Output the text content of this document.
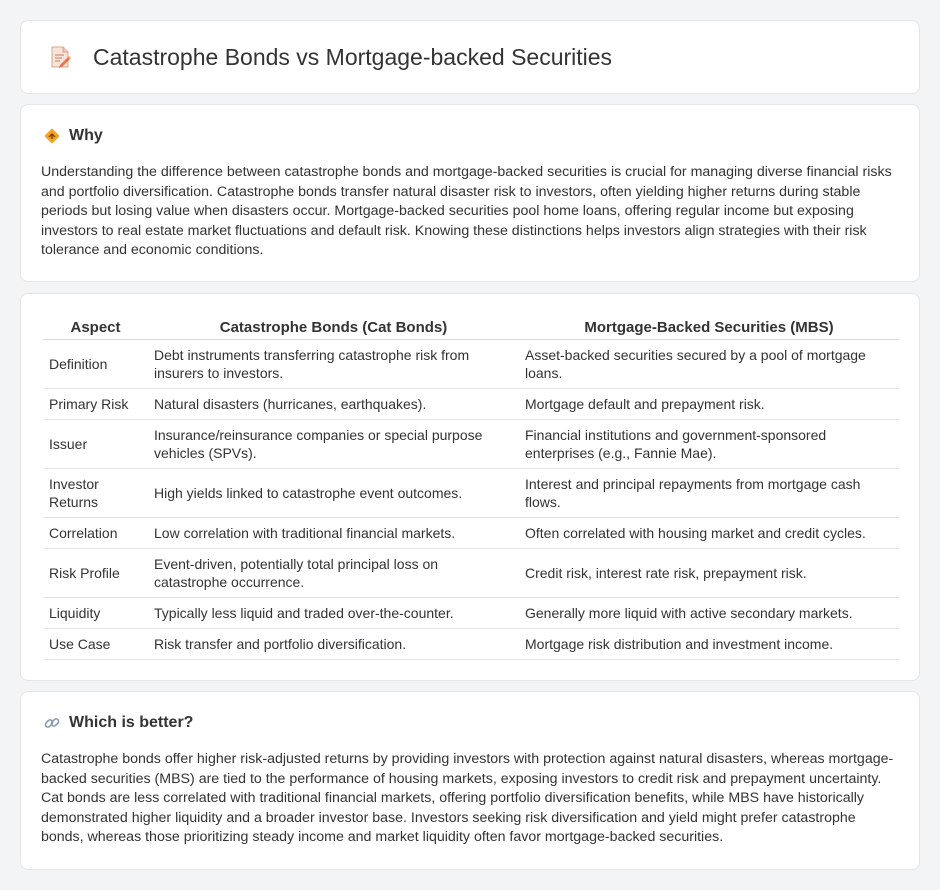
Catastrophe Bonds vs Mortgage-backed Securities
Why

Understanding the difference between catastrophe bonds and mortgage-backed securities is crucial for managing diverse financial risks and portfolio diversification. Catastrophe bonds transfer natural disaster risk to investors, often yielding higher returns during stable periods but losing value when disasters occur. Mortgage-backed securities pool home loans, offering regular income but exposing investors to real estate market fluctuations and default risk. Knowing these distinctions helps investors align strategies with their risk tolerance and economic conditions.

Aspect	Catastrophe Bonds (Cat Bonds)	Mortgage-Backed Securities (MBS)
Definition	Debt instruments transferring catastrophe risk from insurers to investors.	Asset-backed securities secured by a pool of mortgage loans.
Primary Risk	Natural disasters (hurricanes, earthquakes).	Mortgage default and prepayment risk.
Issuer	Insurance/reinsurance companies or special purpose vehicles (SPVs).	Financial institutions and government-sponsored enterprises (e.g., Fannie Mae).
Investor Returns	High yields linked to catastrophe event outcomes.	Interest and principal repayments from mortgage cash flows.
Correlation	Low correlation with traditional financial markets.	Often correlated with housing market and credit cycles.
Risk Profile	Event-driven, potentially total principal loss on catastrophe occurrence.	Credit risk, interest rate risk, prepayment risk.
Liquidity	Typically less liquid and traded over-the-counter.	Generally more liquid with active secondary markets.
Use Case	Risk transfer and portfolio diversification.	Mortgage risk distribution and investment income.
Which is better?

Catastrophe bonds offer higher risk-adjusted returns by providing investors with protection against natural disasters, whereas mortgage-backed securities (MBS) are tied to the performance of housing markets, exposing investors to credit risk and prepayment uncertainty. Cat bonds are less correlated with traditional financial markets, offering portfolio diversification benefits, while MBS have historically demonstrated higher liquidity and a broader investor base. Investors seeking risk diversification and yield might prefer catastrophe bonds, whereas those prioritizing steady income and market liquidity often favor mortgage-backed securities.
